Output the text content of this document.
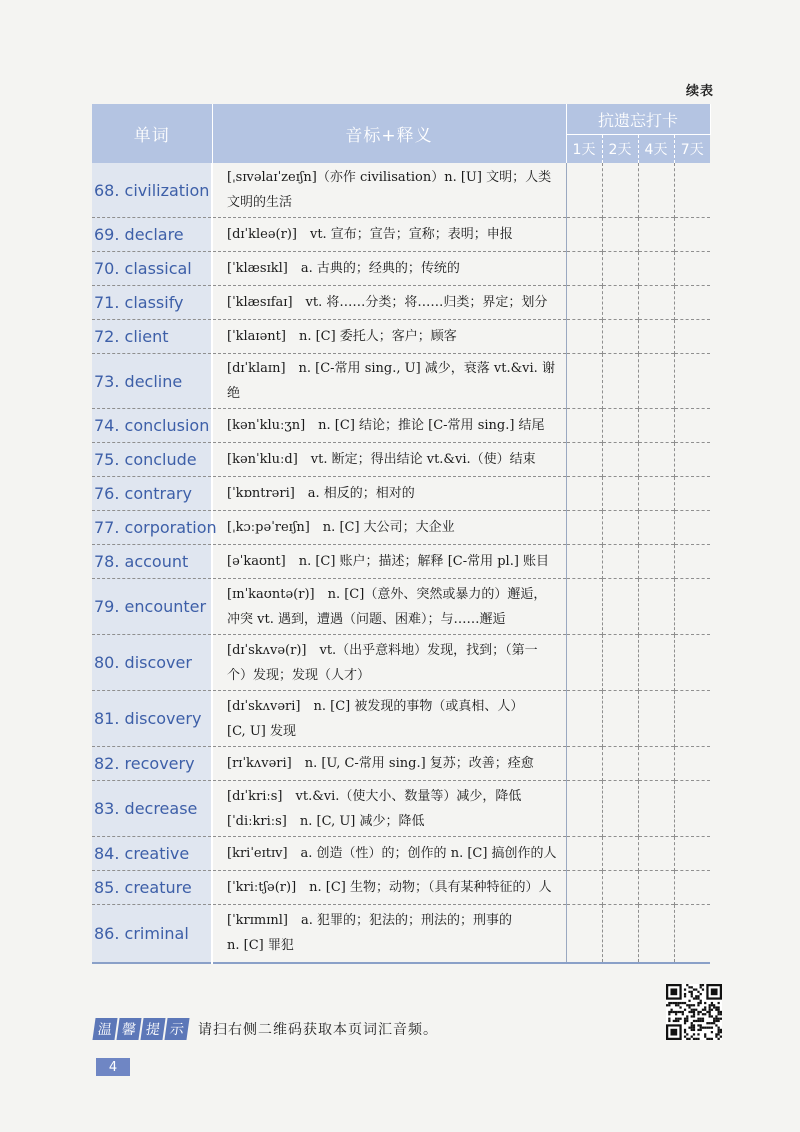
续表
单词	音标+释义	抗遗忘打卡			
		1天	2天	4天	7天
68. civilization	[ˌsɪvəlaɪˈzeɪʃn]（亦作 civilisation）n. [U] 文明；人类
文明的生活				

69. declare	[dɪˈkleə(r)]　vt. 宣布；宣告；宣称；表明；申报				

70. classical	[ˈklæsɪkl]　a. 古典的；经典的；传统的				

71. classify	[ˈklæsɪfaɪ]　vt. 将……分类；将……归类；界定；划分				

72. client	[ˈklaɪənt]　n. [C] 委托人；客户；顾客				

73. decline	[dɪˈklaɪn]　n. [C-常用 sing., U] 减少，衰落 vt.&vi. 谢绝				

74. conclusion	[kənˈkluːʒn]　n. [C] 结论；推论 [C-常用 sing.] 结尾				

75. conclude	[kənˈkluːd]　vt. 断定；得出结论 vt.&vi.（使）结束				

76. contrary	[ˈkɒntrəri]　a. 相反的；相对的				

77. corporation	[ˌkɔːpəˈreɪʃn]　n. [C] 大公司；大企业				

78. account	[əˈkaʊnt]　n. [C] 账户；描述；解释 [C-常用 pl.] 账目				

79. encounter	[ɪnˈkaʊntə(r)]　n. [C]（意外、突然或暴力的）邂逅，
冲突 vt. 遇到，遭遇（问题、困难）；与……邂逅				

80. discover	[dɪˈskʌvə(r)]　vt.（出乎意料地）发现，找到；（第一
个）发现；发现（人才）				

81. discovery	[dɪˈskʌvəri]　n. [C] 被发现的事物（或真相、人）
[C, U] 发现				

82. recovery	[rɪˈkʌvəri]　n. [U, C-常用 sing.] 复苏；改善；痊愈				

83. decrease	[dɪˈkriːs]　vt.&vi.（使大小、数量等）减少，降低
[ˈdiːkriːs]　n. [C, U] 减少；降低				

84. creative	[kriˈeɪtɪv]　a. 创造（性）的；创作的 n. [C] 搞创作的人				

85. creature	[ˈkriːtʃə(r)]　n. [C] 生物；动物；（具有某种特征的）人				

86. criminal	[ˈkrɪmɪnl]　a. 犯罪的；犯法的；刑法的；刑事的
n. [C] 罪犯				

温 馨 提 示 请扫右侧二维码获取本页词汇音频。
4
